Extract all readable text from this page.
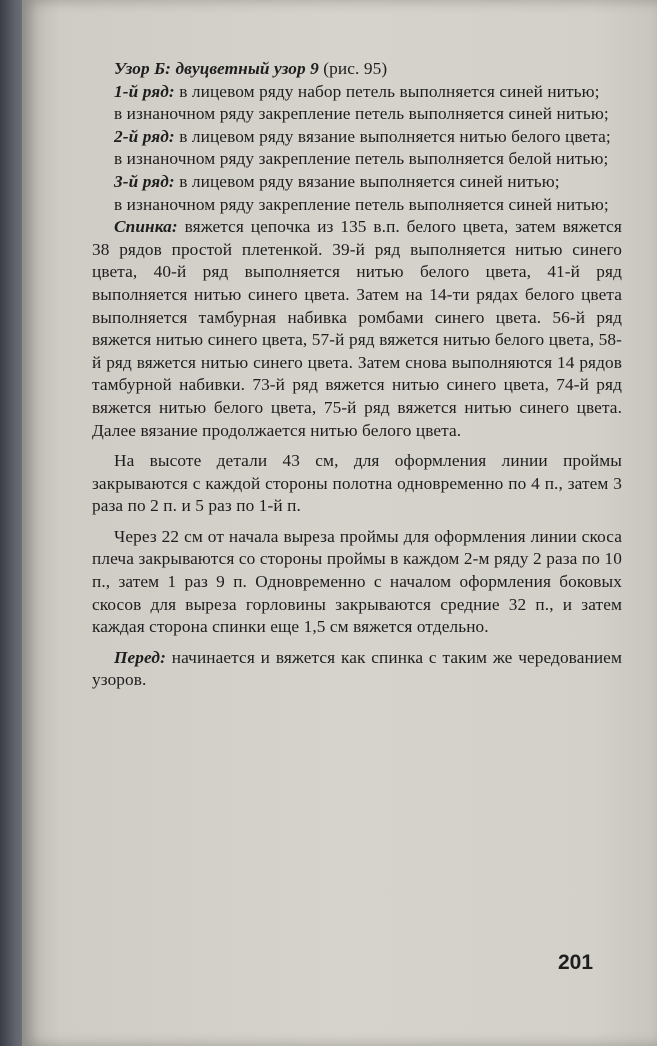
Узор Б: двуцветный узор 9 (рис. 95)

1-й ряд: в лицевом ряду набор петель выполняется синей нитью;

в изнаночном ряду закрепление петель выполняется синей нитью;

2-й ряд: в лицевом ряду вязание выполняется нитью белого цвета;

в изнаночном ряду закрепление петель выполняется белой нитью;

3-й ряд: в лицевом ряду вязание выполняется синей нитью;

в изнаночном ряду закрепление петель выполняется синей нитью;

Спинка: вяжется цепочка из 135 в.п. белого цвета, затем вяжется 38 рядов простой плетенкой. 39-й ряд выполняется нитью синего цвета, 40-й ряд выполняется нитью белого цвета, 41-й ряд выполняется нитью синего цвета. Затем на 14-ти рядах белого цвета выполняется тамбурная набивка ромбами синего цвета. 56-й ряд вяжется нитью синего цвета, 57-й ряд вяжется нитью белого цвета, 58-й ряд вяжется нитью синего цвета. Затем снова выполняются 14 рядов тамбурной набивки. 73-й ряд вяжется нитью синего цвета, 74-й ряд вяжется нитью белого цвета, 75-й ряд вяжется нитью синего цвета. Далее вязание продолжается нитью белого цвета.

На высоте детали 43 см, для оформления линии проймы закрываются с каждой стороны полотна одновременно по 4 п., затем 3 раза по 2 п. и 5 раз по 1-й п.

Через 22 см от начала выреза проймы для оформления линии скоса плеча закрываются со стороны проймы в каждом 2-м ряду 2 раза по 10 п., затем 1 раз 9 п. Одновременно с началом оформления боковых скосов для выреза горловины закрываются средние 32 п., и затем каждая сторона спинки еще 1,5 см вяжется отдельно.

Перед: начинается и вяжется как спинка с таким же чередованием узоров.

201
